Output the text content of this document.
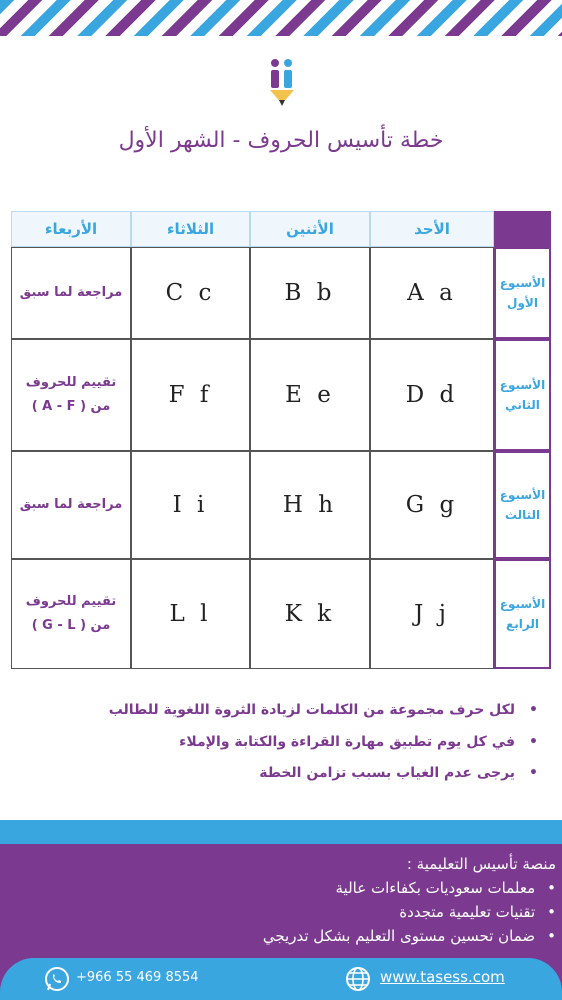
خطة تأسيس الحروف - الشهر الأول
الأحد
الأثنين
الثلاثاء
الأربعاء
الأسبوع
الأول
A a
B b
C c
مراجعة لما سبق
الأسبوع
الثاني
D d
E e
F f
تقييم للحروف
من ( A - F )
الأسبوع
الثالث
G g
H h
I i
مراجعة لما سبق
الأسبوع
الرابع
J j
K k
L l
تقييم للحروف
من ( G - L )
•لكل حرف مجموعة من الكلمات لزيادة الثروة اللغوية للطالب
•في كل يوم تطبيق مهارة القراءة والكتابة والإملاء
•يرجى عدم الغياب بسبب تزامن الخطة
منصة تأسيس التعليمية :
•معلمات سعوديات بكفاءات عالية
•تقنيات تعليمية متجددة
•ضمان تحسين مستوى التعليم بشكل تدريجي
+966 55 469 8554	www.tasess.com
